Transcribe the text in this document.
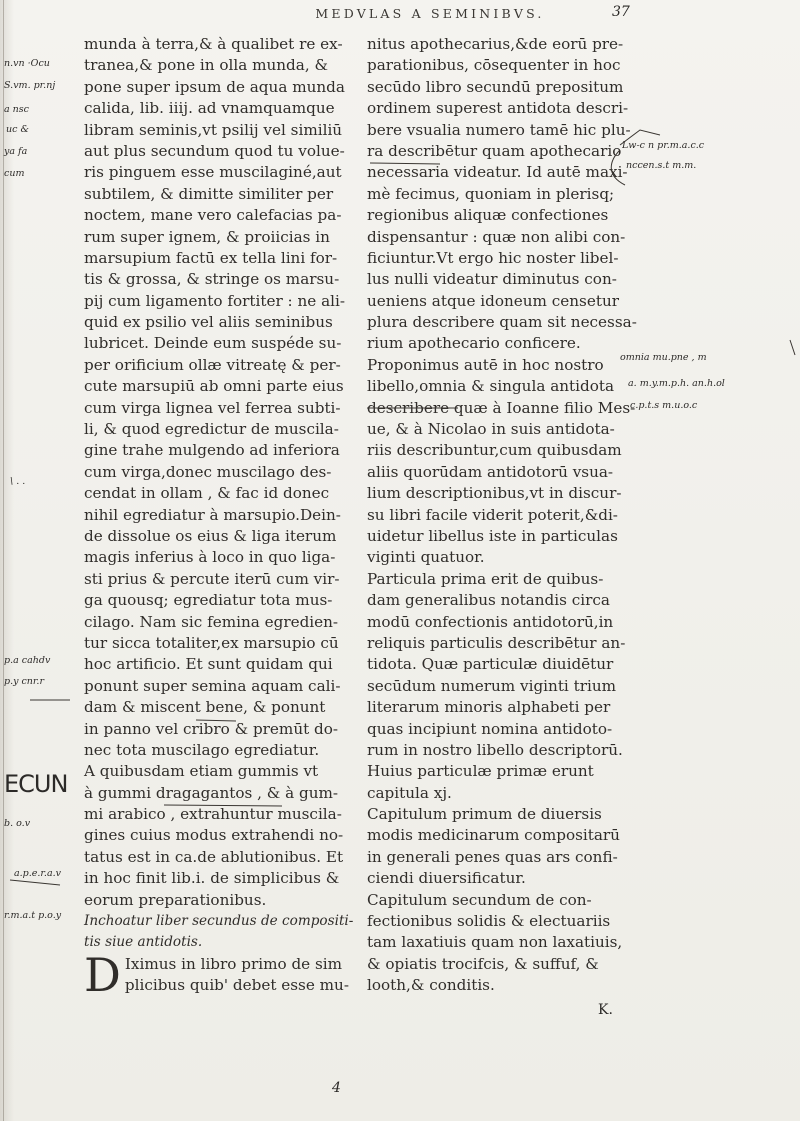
MEDVLAS A SEMINIBVS.	37
munda à terra,& à qualibet re ex-
tranea,& pone in olla munda, &
pone super ipsum de aqua munda
calida, lib. iiij. ad vnamquamque
libram seminis,vt psilij vel similiū
aut plus secundum quod tu volue-
ris pinguem esse muscilaginé,aut
subtilem, & dimitte similiter per
noctem, mane vero calefacias pa-
rum super ignem, & proiicias in
marsupium factū ex tella lini for-
tis & grossa, & stringe os marsu-
pij cum ligamento fortiter : ne ali-
quid ex psilio vel aliis seminibus
lubricet. Deinde eum suspéde su-
per orificium ollæ vitreatę & per-
cute marsupiū ab omni parte eius
cum virga lignea vel ferrea subti-
li, & quod egredictur de muscila-
gine trahe mulgendo ad inferiora
cum virga,donec muscilago des-
cendat in ollam , & fac id donec
nihil egrediatur à marsupio.Dein-
de dissolue os eius & liga iterum
magis inferius à loco in quo liga-
sti prius & percute iterū cum vir-
ga quousq; egrediatur tota mus-
cilago. Nam sic femina egredien-
tur sicca totaliter,ex marsupio cū
hoc artificio. Et sunt quidam qui
ponunt super semina aquam cali-
dam & miscent bene, & ponunt
in panno vel cribro & premūt do-
nec tota muscilago egrediatur.
A quibusdam etiam gummis vt
à gummi dragagantos , & à gum-
mi arabico , extrahuntur muscila-
gines cuius modus extrahendi no-
tatus est in ca.de ablutionibus. Et
in hoc finit lib.i. de simplicibus &
eorum preparationibus.
Inchoatur liber secundus de compositi-
tis siue antidotis.
D Iximus in libro primo de sim
plicibus quib' debet esse mu-
nitus apothecarius,&de eorū pre-
parationibus, cōsequenter in hoc
secūdo libro secundū prepositum
ordinem superest antidota descri-
bere vsualia numero tamē hic plu-
ra describētur quam apothecario
necessaria videatur. Id autē maxi-
mè fecimus, quoniam in plerisq;
regionibus aliquæ confectiones
dispensantur : quæ non alibi con-
ficiuntur.Vt ergo hic noster libel-
lus nulli videatur diminutus con-
ueniens atque idoneum censetur
plura describere quam sit necessa-
rium apothecario conficere.
Proponimus autē in hoc nostro
libello,omnia & singula antidota
describere quæ à Ioanne filio Mes-
ue, & à Nicolao in suis antidota-
riis describuntur,cum quibusdam
aliis quorūdam antidotorū vsua-
lium descriptionibus,vt in discur-
su libri facile viderit poterit,&di-
uidetur libellus iste in particulas
viginti quatuor.
Particula prima erit de quibus-
dam generalibus notandis circa
modū confectionis antidotorū,in
reliquis particulis describētur an-
tidota. Quæ particulæ diuidētur
secūdum numerum viginti trium
literarum minoris alphabeti per
quas incipiunt nomina antidoto-
rum in nostro libello descriptorū.
Huius particulæ primæ erunt
capitula xj.
Capitulum primum de diuersis
modis medicinarum compositarū
in generali penes quas ars confi-
ciendi diuersificatur.
Capitulum secundum de con-
fectionibus solidis & electuariis
tam laxatiuis quam non laxatiuis,
& opiatis trocifcis, & suffuf, &
looth,& conditis.
K.
4
n.vn ·Ocu
S.vm. pr.nj
a nsc
uc &
ya fa
cum
\ . .
p.a cahdv
p.y cnr.r
ECUN
b. o.v
a.p.e.r.a.v
r.m.a.t p.o.y
Lw-c n pr.m.a.c.c
nccen.s.t m.m.
omnia mu.pne , m
a. m.y.m.p.h. an.h.ol
c.p.t.s m.u.o.c
